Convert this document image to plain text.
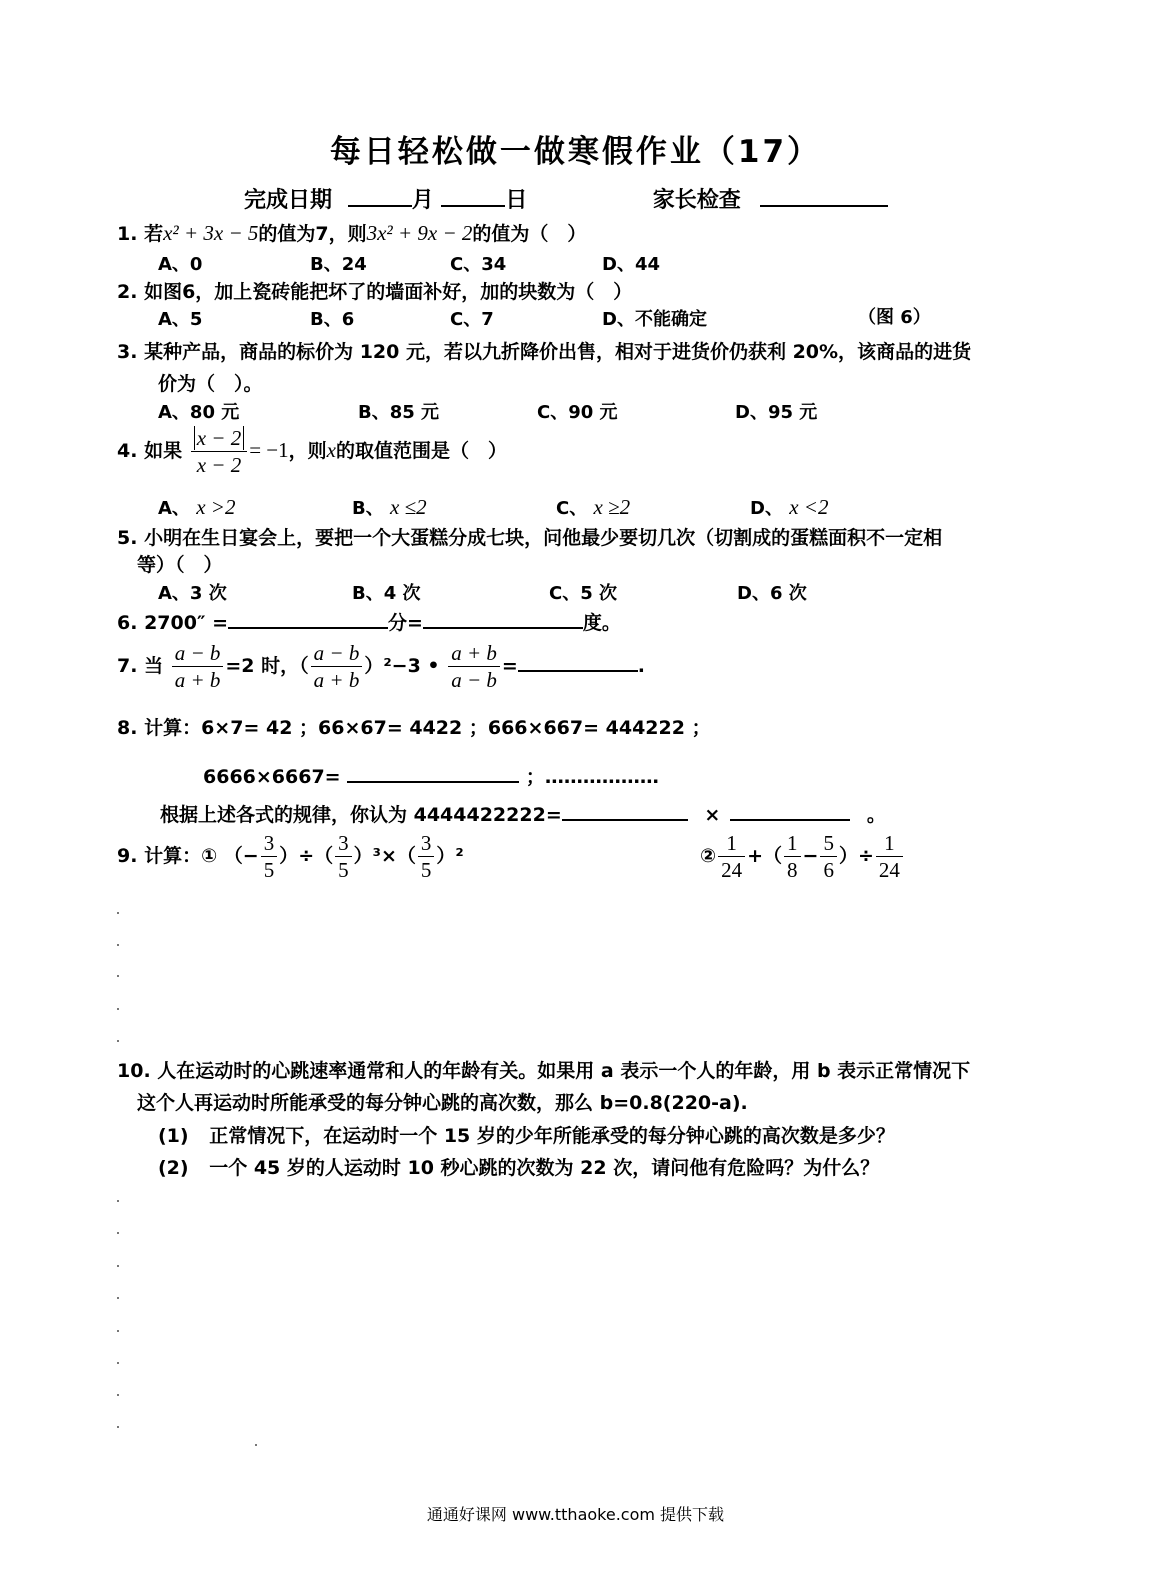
每日轻松做一做寒假作业（17）
完成日期	月	日	家长检查
1. 若x² + 3x − 5的值为7，则3x² + 9x − 2的值为（　）
A、0	B、24	C、34	D、44
2. 如图6，加上瓷砖能把坏了的墙面补好，加的块数为（　）
A、5	B、6	C、7	D、不能确定	（图 6）
3. 某种产品，商品的标价为 120 元，若以九折降价出售，相对于进货价仍获利 20%，该商品的进货
价为（　）。
A、80 元	B、85 元	C、90 元	D、95 元
4. 如果 $\frac{x - 2}{x - 2} = -1$，则x的取值范围是（　）
A、 x >2	B、 x ≤2	C、 x ≥2	D、 x <2
5. 小明在生日宴会上，要把一个大蛋糕分成七块，问他最少要切几次（切割成的蛋糕面积不一定相
等）（　）
A、3 次	B、4 次	C、5 次	D、6 次
6. 2700″ =	分=	度。
7. 当 $\frac{a - b}{a + b} =2$ 时，（ $\frac{a - b}{a + b} )^2-3$ • $\frac{a + b}{a - b}$ =	.
8. 计算：6×7= 42 ；66×67= 4422 ；666×667= 444222 ；
6666×6667=	；………………
根据上述各式的规律，你认为 4444422222=	×	。
9. 计算：① （− $\frac{3}{5}$ ）÷（ $\frac{3}{5} )^3\times( \frac{3}{5} )^2$	② $\frac{1}{24}$ +（ $\frac{1}{8} - \frac{5}{6}$ ）÷ $\frac{1}{24}$
10. 人在运动时的心跳速率通常和人的年龄有关。如果用 a 表示一个人的年龄，用 b 表示正常情况下
这个人再运动时所能承受的每分钟心跳的高次数，那么 b=0.8(220-a).
(1) 正常情况下，在运动时一个 15 岁的少年所能承受的每分钟心跳的高次数是多少？
(2) 一个 45 岁的人运动时 10 秒心跳的次数为 22 次，请问他有危险吗？为什么？
通通好课网 www.tthaoke.com 提供下载
